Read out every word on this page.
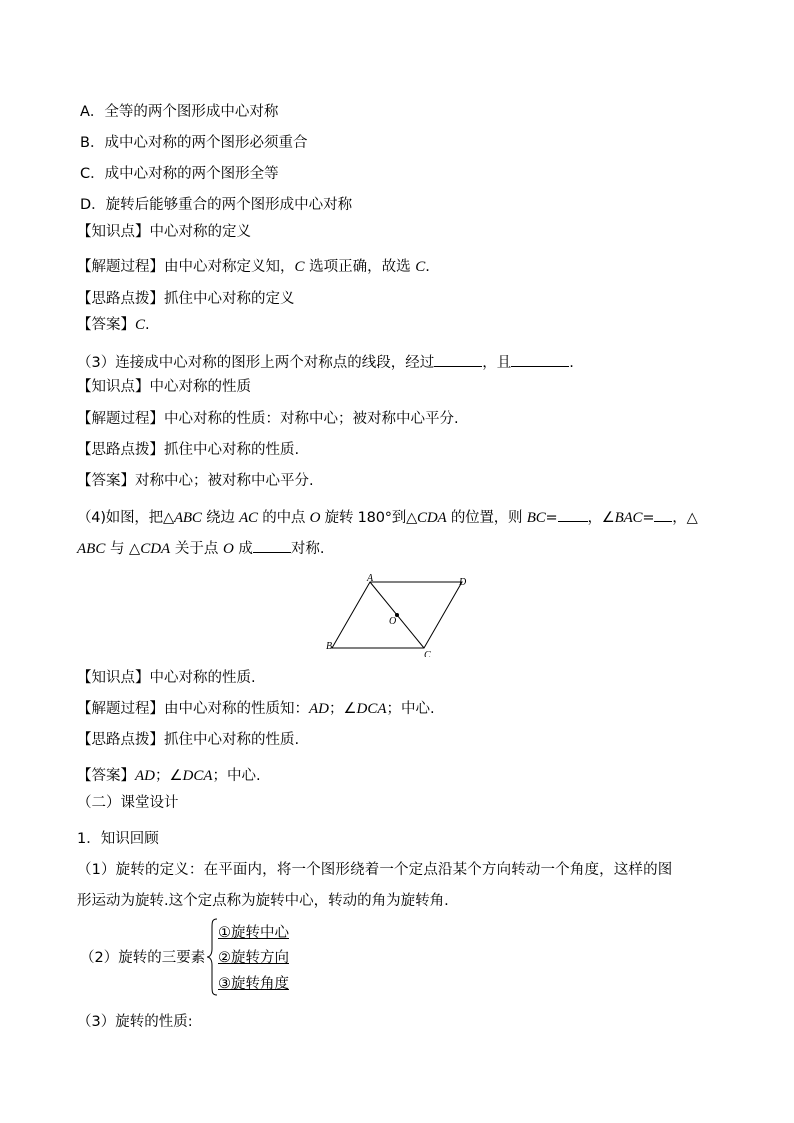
A．全等的两个图形成中心对称
B．成中心对称的两个图形必须重合
C．成中心对称的两个图形全等
D．旋转后能够重合的两个图形成中心对称
【知识点】中心对称的定义
【解题过程】由中心对称定义知，C 选项正确，故选 C.
【思路点拨】抓住中心对称的定义
【答案】C.
（3）连接成中心对称的图形上两个对称点的线段，经过	，且	.
【知识点】中心对称的性质
【解题过程】中心对称的性质：对称中心；被对称中心平分.
【思路点拨】抓住中心对称的性质.
【答案】对称中心；被对称中心平分.
（4)如图，把△ABC 绕边 AC 的中点 O 旋转 180°到△CDA 的位置，则 BC= ，∠BAC= ，△
ABC 与 △CDA 关于点 O 成	对称.
A	D
B
C
O
【知识点】中心对称的性质.
【解题过程】由中心对称的性质知：AD；∠DCA；中心.
【思路点拨】抓住中心对称的性质.
【答案】AD；∠DCA；中心.
（二）课堂设计
1．知识回顾
（1）旋转的定义：在平面内，将一个图形绕着一个定点沿某个方向转动一个角度，这样的图
形运动为旋转.这个定点称为旋转中心，转动的角为旋转角.
（2）旋转的三要素
①旋转中心
②旋转方向
③旋转角度
（3）旋转的性质:
